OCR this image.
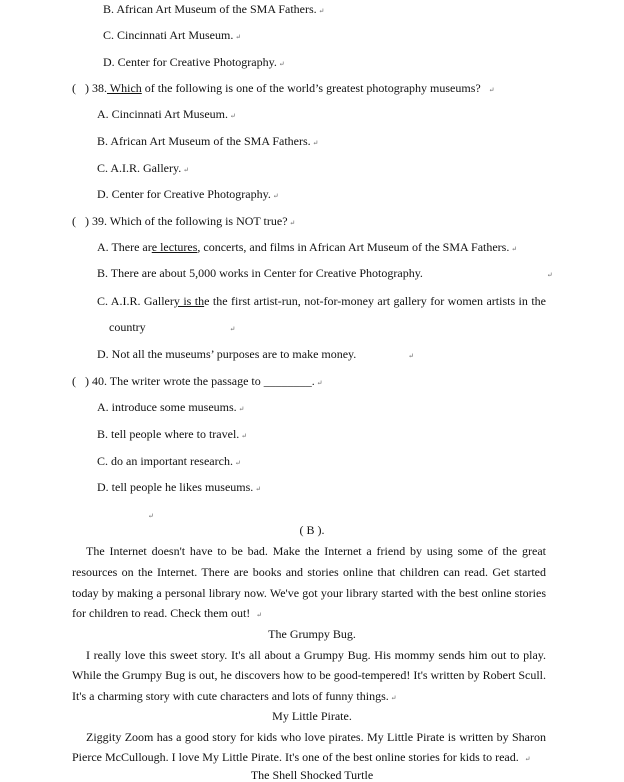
B. African Art Museum of the SMA Fathers. ↵
C. Cincinnati Art Museum. ↵
D. Center for Creative Photography. ↵
( ) 38. Which of the following is one of the world’s greatest photography museums? ↵
A. Cincinnati Art Museum. ↵
B. African Art Museum of the SMA Fathers. ↵
C. A.I.R. Gallery. ↵
D. Center for Creative Photography. ↵
( ) 39. Which of the following is NOT true? ↵
A. There are lectures, concerts, and films in African Art Museum of the SMA Fathers. ↵
B. There are about 5,000 works in Center for Creative Photography.	↵
C. A.I.R. Gallery is the the first artist-run, not-for-money art gallery for women artists in the
country	↵
D. Not all the museums’ purposes are to make money.	↵
( ) 40. The writer wrote the passage to ________. ↵
A. introduce some museums. ↵
B. tell people where to travel. ↵
C. do an important research. ↵
D. tell people he likes museums. ↵
↵
( B ).
The Internet doesn't have to be bad. Make the Internet a friend by using some of the great
resources on the Internet. There are books and stories online that children can read. Get started
today by making a personal library now. We've got your library started with the best online stories
for children to read. Check them out! ↵
The Grumpy Bug.
I really love this sweet story. It's all about a Grumpy Bug. His mommy sends him out to play.
While the Grumpy Bug is out, he discovers how to be good-tempered! It's written by Robert Scull.
It's a charming story with cute characters and lots of funny things. ↵
My Little Pirate.
Ziggity Zoom has a good story for kids who love pirates. My Little Pirate is written by Sharon
Pierce McCullough. I love My Little Pirate. It's one of the best online stories for kids to read. ↵
The Shell Shocked Turtle
